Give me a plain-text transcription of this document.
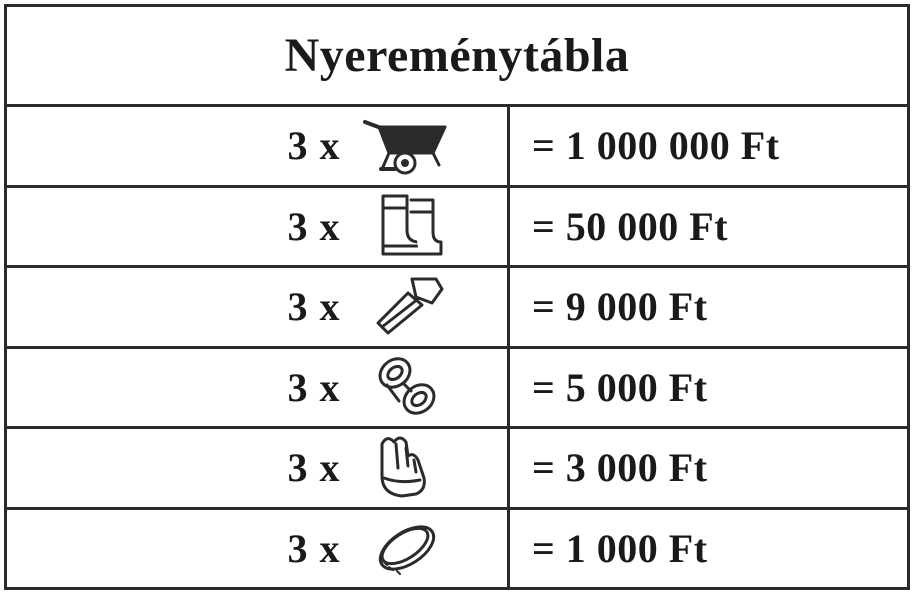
Nyereménytábla
3 x	= 1 000 000 Ft
3 x	= 50 000 Ft
3 x	= 9 000 Ft
3 x	= 5 000 Ft
3 x	= 3 000 Ft
3 x	= 1 000 Ft
